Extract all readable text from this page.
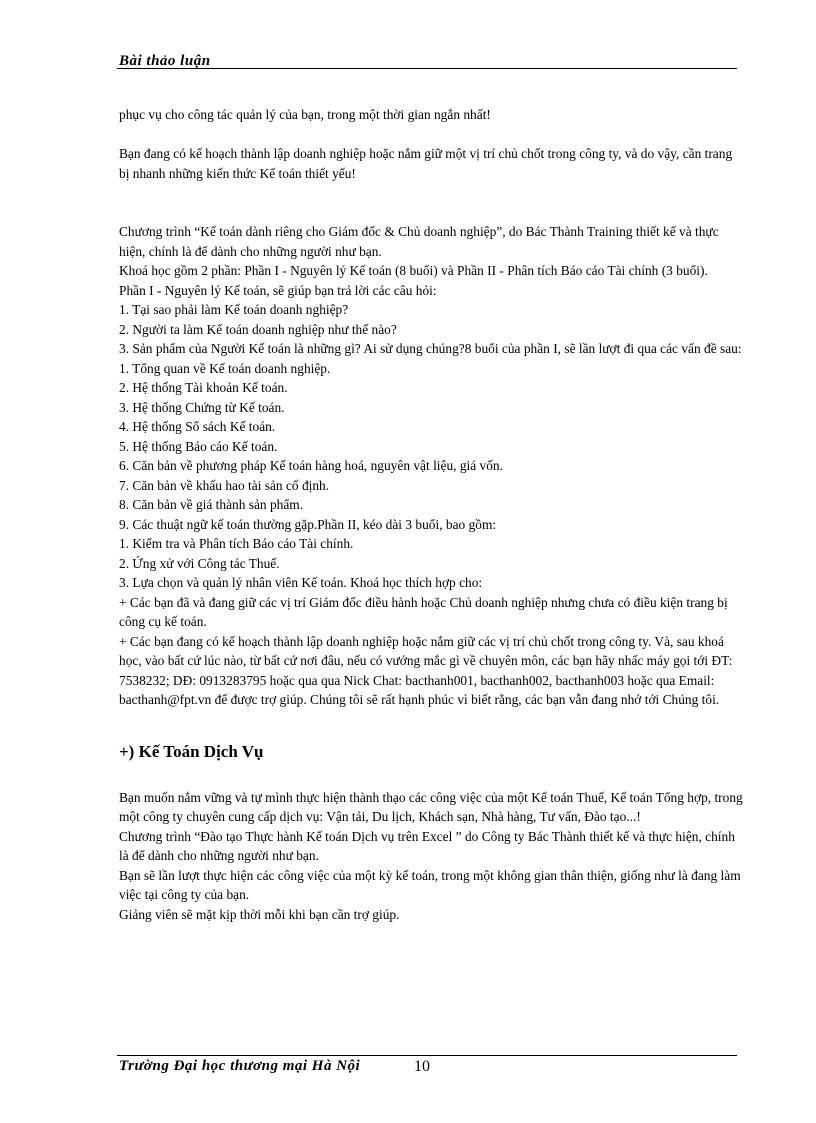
Bài thảo luận

phục vụ cho công tác quản lý của bạn, trong một thời gian ngắn nhất!

Bạn đang có kế hoạch thành lập doanh nghiệp hoặc nắm giữ một vị trí chủ chốt trong công ty, và do vậy, cần trang bị nhanh những kiến thức Kế toán thiết yếu!

Chương trình “Kế toán dành riêng cho Giám đốc & Chủ doanh nghiệp”, do Bác Thành Training thiết kế và thực hiện, chính là để dành cho những người như bạn.

Khoá học gồm 2 phần: Phần I - Nguyên lý Kế toán (8 buổi) và Phần II - Phân tích Báo cáo Tài chính (3 buổi).

Phần I - Nguyên lý Kế toán, sẽ giúp bạn trả lời các câu hỏi:

1. Tại sao phải làm Kế toán doanh nghiệp?

2. Người ta làm Kế toán doanh nghiệp như thế nào?

3. Sản phẩm của Người Kế toán là những gì? Ai sử dụng chúng?8 buổi của phần I, sẽ lần lượt đi qua các vấn đề sau:

1. Tổng quan về Kế toán doanh nghiệp.

2. Hệ thống Tài khoản Kế toán.

3. Hệ thống Chứng từ Kế toán.

4. Hệ thống Sổ sách Kế toán.

5. Hệ thống Báo cáo Kế toán.

6. Căn bản về phương pháp Kế toán hàng hoá, nguyên vật liệu, giá vốn.

7. Căn bản về khấu hao tài sản cố định.

8. Căn bản về giá thành sản phẩm.

9. Các thuật ngữ kế toán thường gặp.Phần II, kéo dài 3 buổi, bao gồm:

1. Kiểm tra và Phân tích Báo cáo Tài chính.

2. Ứng xử với Công tác Thuế.

3. Lựa chọn và quản lý nhân viên Kế toán. Khoá học thích hợp cho:

+ Các bạn đã và đang giữ các vị trí Giám đốc điều hành hoặc Chủ doanh nghiệp nhưng chưa có điều kiện trang bị công cụ kế toán.

+ Các bạn đang có kế hoạch thành lập doanh nghiệp hoặc nắm giữ các vị trí chủ chốt trong công ty. Và, sau khoá học, vào bất cứ lúc nào, từ bất cứ nơi đâu, nếu có vướng mắc gì về chuyên môn, các bạn hãy nhấc máy gọi tới ĐT: 7538232; DĐ: 0913283795 hoặc qua qua Nick Chat: bacthanh001, bacthanh002, bacthanh003 hoặc qua Email: bacthanh@fpt.vn để được trợ giúp. Chúng tôi sẽ rất hạnh phúc vì biết rằng, các bạn vẫn đang nhớ tới Chúng tôi.

+) Kế Toán Dịch Vụ

Bạn muốn nắm vững và tự mình thực hiện thành thạo các công việc của một Kế toán Thuế, Kế toán Tổng hợp, trong một công ty chuyên cung cấp dịch vụ: Vận tải, Du lịch, Khách sạn, Nhà hàng, Tư vấn, Đào tạo...!

Chương trình “Đào tạo Thực hành Kế toán Dịch vụ trên Excel ” do Công ty Bác Thành thiết kế và thực hiện, chính là để dành cho những người như bạn.

Bạn sẽ lần lượt thực hiện các công việc của một kỳ kế toán, trong một không gian thân thiện, giống như là đang làm việc tại công ty của bạn.

Giảng viên sẽ mặt kịp thời mỗi khi bạn cần trợ giúp.

Trường Đại học thương mại Hà Nội	10
